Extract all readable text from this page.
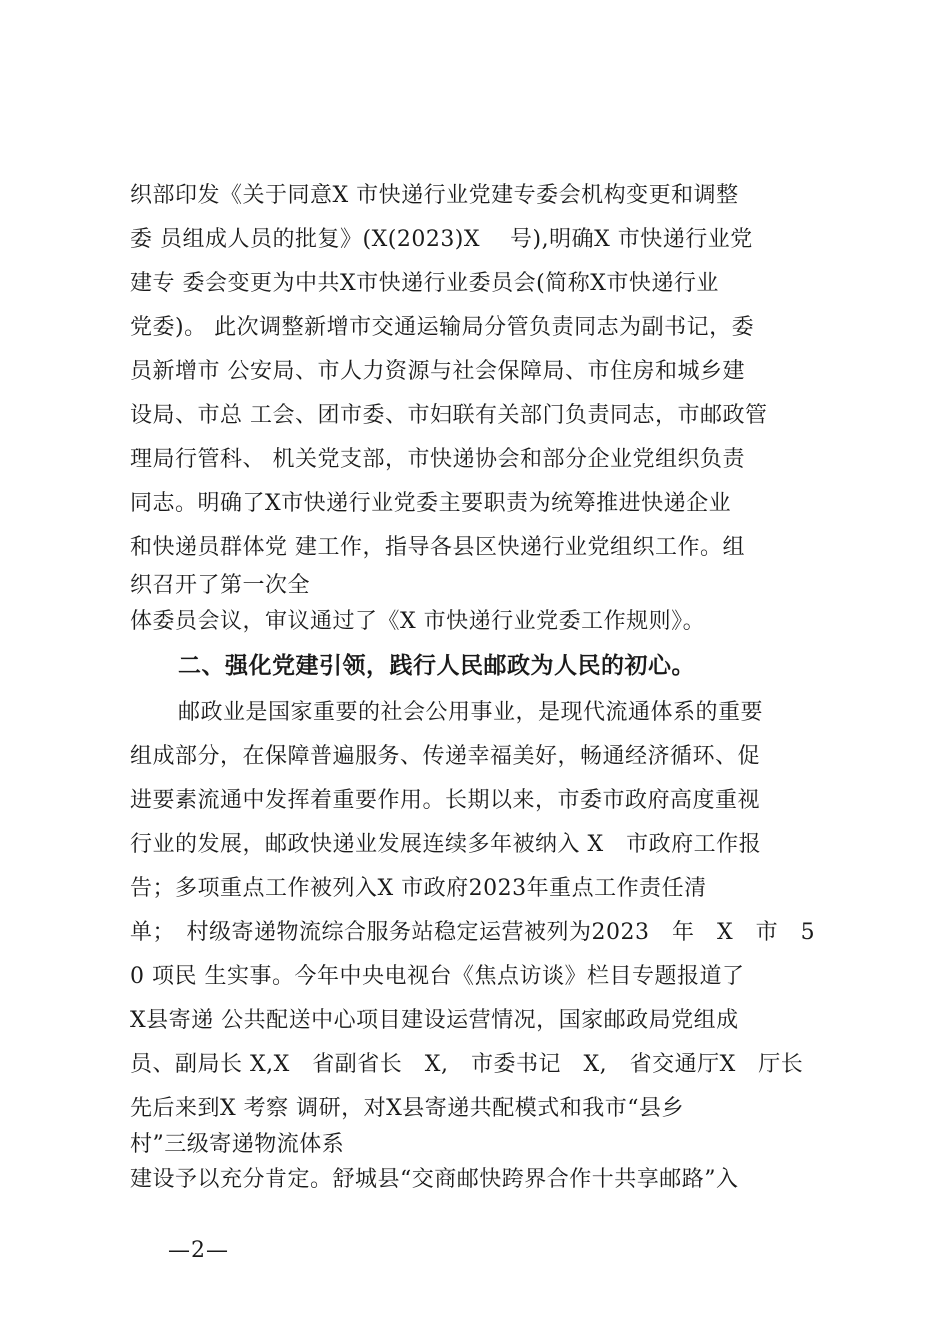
织部印发《关于同意X 市快递行业党建专委会机构变更和调整
委 员组成人员的批复》(X(2023)X　 号),明确X 市快递行业党
建专 委会变更为中共X市快递行业委员会(简称X市快递行业
党委)。 此次调整新增市交通运输局分管负责同志为副书记，委
员新增市 公安局、市人力资源与社会保障局、市住房和城乡建
设局、市总 工会、团市委、市妇联有关部门负责同志，市邮政管
理局行管科、 机关党支部，市快递协会和部分企业党组织负责
同志。明确了X市快递行业党委主要职责为统筹推进快递企业
和快递员群体党 建工作，指导各县区快递行业党组织工作。组
织召开了第一次全
体委员会议，审议通过了《X 市快递行业党委工作规则》。
二、强化党建引领，践行人民邮政为人民的初心。
邮政业是国家重要的社会公用事业，是现代流通体系的重要
组成部分，在保障普遍服务、传递幸福美好，畅通经济循环、促
进要素流通中发挥着重要作用。长期以来，市委市政府高度重视
行业的发展，邮政快递业发展连续多年被纳入 X　市政府工作报
告；多项重点工作被列入X 市政府2023年重点工作责任清
单；　村级寄递物流综合服务站稳定运营被列为2023　年　X　市　5
0 项民 生实事。今年中央电视台《焦点访谈》栏目专题报道了
X县寄递 公共配送中心项目建设运营情况，国家邮政局党组成
员、副局长 X,X　省副省长　X,　市委书记　X,　省交通厅X　厅长
先后来到X 考察 调研，对X县寄递共配模式和我市“县乡
村”三级寄递物流体系
建设予以充分肯定。舒城县“交商邮快跨界合作十共享邮路”入
—2—
